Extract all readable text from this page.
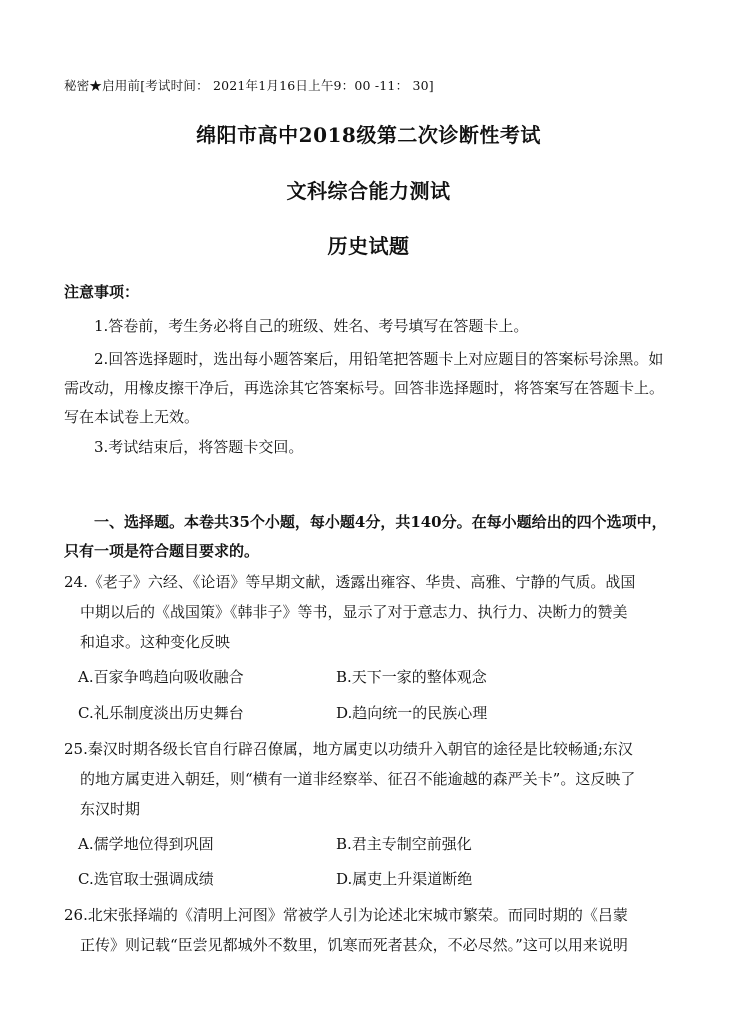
秘密★启用前[考试时间： 2021年1月16日上午9：00 -11： 30]
绵阳市高中2018级第二次诊断性考试
文科综合能力测试
历史试题
注意事项：
1.答卷前，考生务必将自己的班级、姓名、考号填写在答题卡上。
2.回答选择题时，选出每小题答案后，用铅笔把答题卡上对应题目的答案标号涂黑。如需改动，用橡皮擦干净后，再选涂其它答案标号。回答非选择题时，将答案写在答题卡上。写在本试卷上无效。
3.考试结束后，将答题卡交回。
一、选择题。本卷共35个小题，每小题4分，共140分。在每小题给出的四个选项中，只有一项是符合题目要求的。
24.《老子》六经、《论语》等早期文献，透露出雍容、华贵、高雅、宁静的气质。战国
中期以后的《战国策》《韩非子》等书，显示了对于意志力、执行力、决断力的赞美
和追求。这种变化反映
A.百家争鸣趋向吸收融合	B.天下一家的整体观念
C.礼乐制度淡出历史舞台	D.趋向统一的民族心理
25.秦汉时期各级长官自行辟召僚属，地方属吏以功绩升入朝官的途径是比较畅通;东汉
的地方属吏进入朝廷，则“横有一道非经察举、征召不能逾越的森严关卡”。这反映了
东汉时期
A.儒学地位得到巩固	B.君主专制空前强化
C.选官取士强调成绩	D.属吏上升渠道断绝
26.北宋张择端的《清明上河图》常被学人引为论述北宋城市繁荣。而同时期的《吕蒙
正传》则记载“臣尝见都城外不数里，饥寒而死者甚众，不必尽然。”这可以用来说明
